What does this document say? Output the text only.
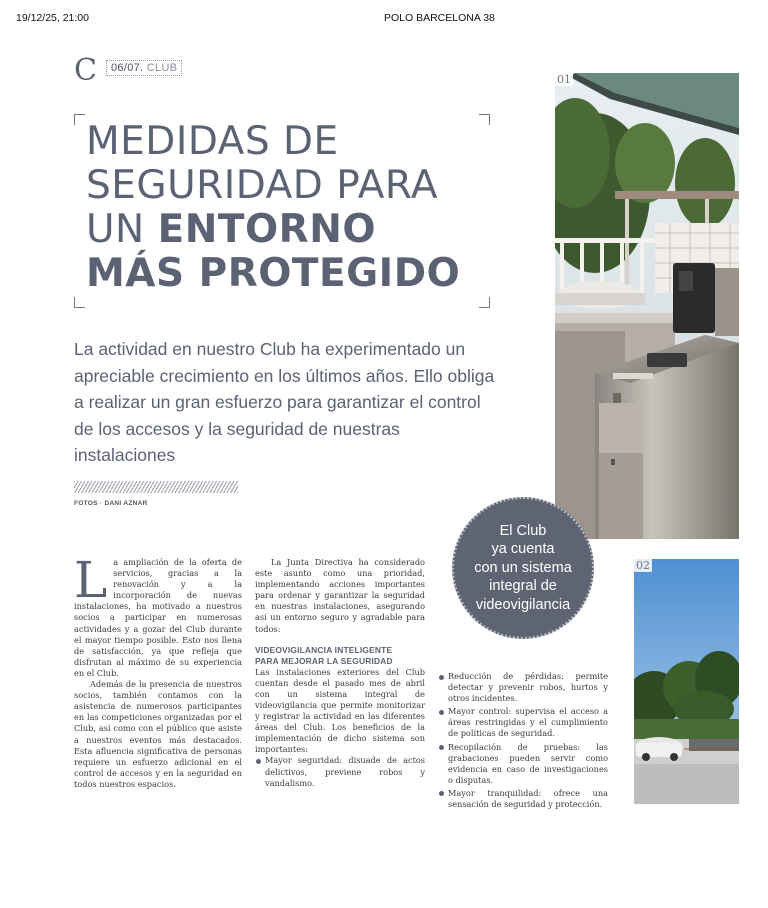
19/12/25, 21:00	POLO BARCELONA 38
C	06/07. CLUB
MEDIDAS DE
SEGURIDAD PARA
UN ENTORNO
MÁS PROTEGIDO
La actividad en nuestro Club ha experimentado un apreciable crecimiento en los últimos años. Ello obliga a realizar un gran esfuerzo para garantizar el control de los accesos y la seguridad de nuestras instalaciones
FOTOS · DANI AZNAR
01
02
El Club
ya cuenta
con un sistema
integral de
videovigilancia

La ampliación de la oferta de servicios, gracias a la renovación y a la incorporación de nuevas instalaciones, ha motivado a nuestros socios a participar en numerosas actividades y a gozar del Club durante el mayor tiempo posible. Esto nos llena de satisfacción, ya que refleja que disfrutan al máximo de su experiencia en el Club.

Además de la presencia de nuestros socios, también contamos con la asistencia de numerosos participantes en las competiciones organizadas por el Club, así como con el público que asiste a nuestros eventos más destacados. Esta afluencia significativa de personas requiere un esfuerzo adicional en el control de accesos y en la seguridad en todos nuestros espacios.

La Junta Directiva ha considerado este asunto como una prioridad, implementando acciones importantes para ordenar y garantizar la seguridad en nuestras instalaciones, asegurando así un entorno seguro y agradable para todos:

VIDEOVIGILANCIA INTELIGENTE
PARA MEJORAR LA SEGURIDAD

Las instalaciones exteriores del Club cuentan desde el pasado mes de abril con un sistema integral de videovigilancia que permite monitorizar y registrar la actividad en las diferentes áreas del Club. Los beneficios de la implementación de dicho sistema son importantes:

Mayor seguridad: disuade de actos delictivos, previene robos y vandalismo.
Reducción de pérdidas: permite detectar y prevenir robos, hurtos y otros incidentes.
Mayor control: supervisa el acceso a áreas restringidas y el cumplimiento de políticas de seguridad.
Recopilación de pruebas: las grabaciones pueden servir como evidencia en caso de investigaciones o disputas.
Mayor tranquilidad: ofrece una sensación de seguridad y protección.
